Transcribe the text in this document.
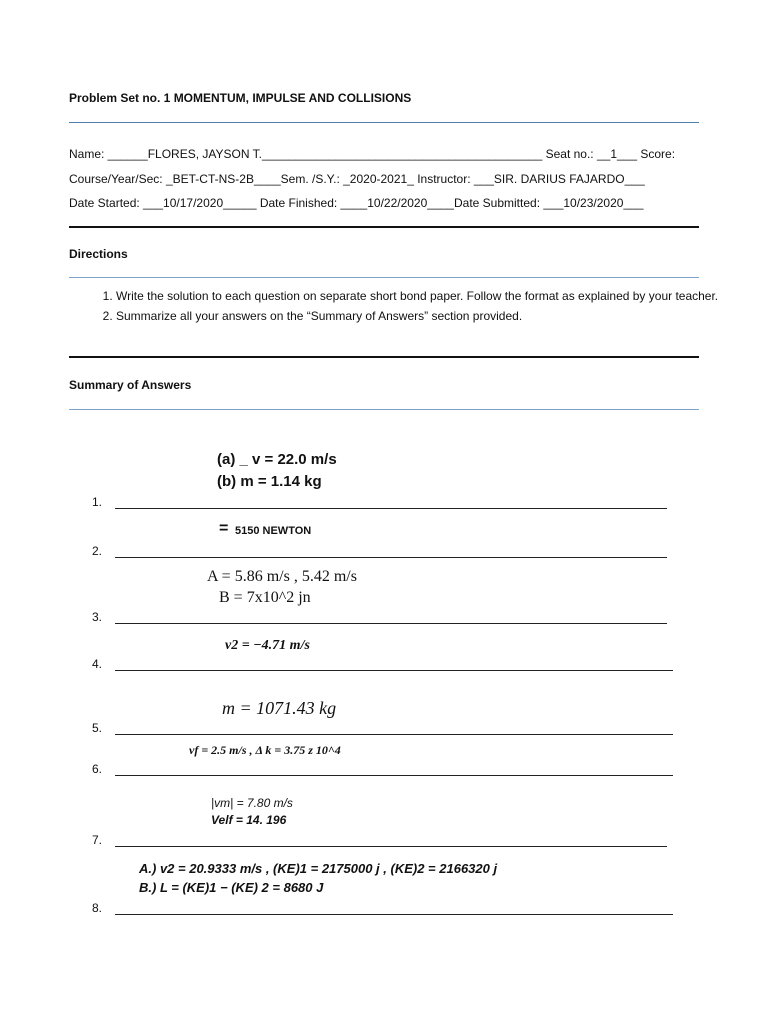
Problem Set no. 1 MOMENTUM, IMPULSE AND COLLISIONS
Name: ______FLORES, JAYSON T.__________________________________________ Seat no.: __1___ Score:
Course/Year/Sec: _BET-CT-NS-2B____Sem. /S.Y.: _2020-2021_ Instructor: ___SIR. DARIUS FAJARDO___
Date Started: ___10/17/2020_____ Date Finished: ____10/22/2020____Date Submitted: ___10/23/2020___
Directions
1. Write the solution to each question on separate short bond paper. Follow the format as explained by your teacher.
2. Summarize all your answers on the “Summary of Answers” section provided.
Summary of Answers
(a) _ v = 22.0 m/s
(b) m = 1.14 kg
1.
= 5150 NEWTON
2.
A = 5.86 m/s , 5.42 m/s
B = 7x10^2 jn
3.
v2 = −4.71 m/s
4.
m = 1071.43 kg
5.
vf = 2.5 m/s , Δ k = 3.75 z 10^4
6.
|vm| = 7.80 m/s
Velf = 14. 196
7.
A.) v2 = 20.9333 m/s , (KE)1 = 2175000 j , (KE)2 = 2166320 j
B.) L = (KE)1 − (KE) 2 = 8680 J
8.
